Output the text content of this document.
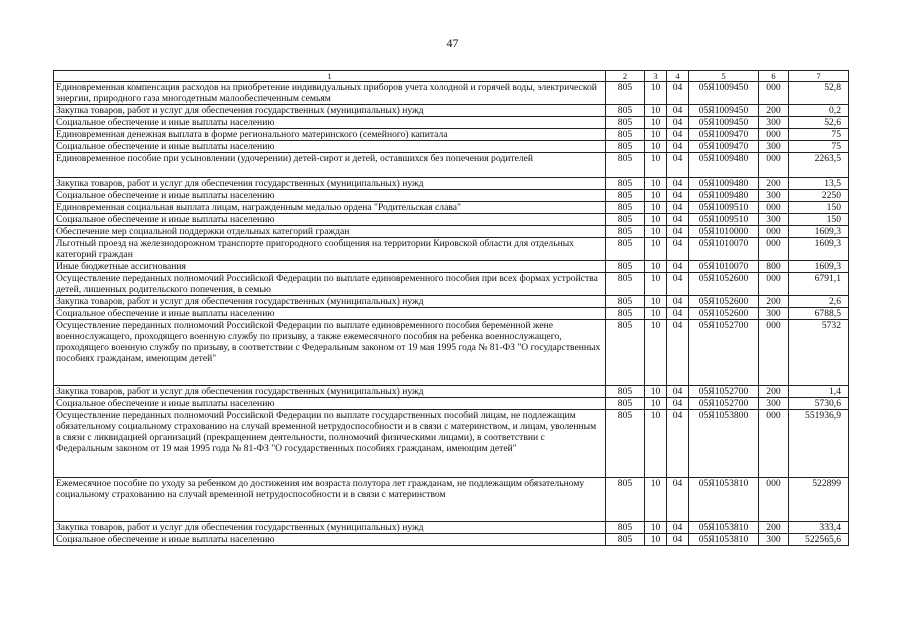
47
1	2	3	4	5	6	7
Единовременная компенсация расходов на приобретение индивидуальных приборов учета холодной и горячей воды, электрической энергии, природного газа многодетным малообеспеченным семьям	805	10	04	05Я1009450	000	52,8
Закупка товаров, работ и услуг для обеспечения государственных (муниципальных) нужд	805	10	04	05Я1009450	200	0,2
Социальное обеспечение и иные выплаты населению	805	10	04	05Я1009450	300	52,6
Единовременная денежная выплата в форме регионального материнского (семейного) капитала	805	10	04	05Я1009470	000	75
Социальное обеспечение и иные выплаты населению	805	10	04	05Я1009470	300	75
Единовременное пособие при усыновлении (удочерении) детей-сирот и детей, оставшихся без попечения родителей	805	10	04	05Я1009480	000	2263,5
Закупка товаров, работ и услуг для обеспечения государственных (муниципальных) нужд	805	10	04	05Я1009480	200	13,5
Социальное обеспечение и иные выплаты населению	805	10	04	05Я1009480	300	2250
Единовременная социальная выплата лицам, награжденным медалью ордена "Родительская слава"	805	10	04	05Я1009510	000	150
Социальное обеспечение и иные выплаты населению	805	10	04	05Я1009510	300	150
Обеспечение мер социальной поддержки отдельных категорий граждан	805	10	04	05Я1010000	000	1609,3
Льготный проезд на железнодорожном транспорте пригородного сообщения на территории Кировской области для отдельных категорий граждан	805	10	04	05Я1010070	000	1609,3
Иные бюджетные ассигнования	805	10	04	05Я1010070	800	1609,3
Осуществление переданных полномочий Российской Федерации по выплате единовременного пособия при всех формах устройства детей, лишенных родительского попечения, в семью	805	10	04	05Я1052600	000	6791,1
Закупка товаров, работ и услуг для обеспечения государственных (муниципальных) нужд	805	10	04	05Я1052600	200	2,6
Социальное обеспечение и иные выплаты населению	805	10	04	05Я1052600	300	6788,5
Осуществление переданных полномочий Российской Федерации по выплате единовременного пособия беременной жене военнослужащего, проходящего военную службу по призыву, а также ежемесячного пособия на ребенка военнослужащего, проходящего военную службу по призыву, в соответствии с Федеральным законом от 19 мая 1995 года № 81-ФЗ "О государственных пособиях гражданам, имеющим детей"	805	10	04	05Я1052700	000	5732
Закупка товаров, работ и услуг для обеспечения государственных (муниципальных) нужд	805	10	04	05Я1052700	200	1,4
Социальное обеспечение и иные выплаты населению	805	10	04	05Я1052700	300	5730,6
Осуществление переданных полномочий Российской Федерации по выплате государственных пособий лицам, не подлежащим обязательному социальному страхованию на случай временной нетрудоспособности и в связи с материнством, и лицам, уволенным в связи с ликвидацией организаций (прекращением деятельности, полномочий физическими лицами), в соответствии с Федеральным законом от 19 мая 1995 года № 81-ФЗ "О государственных пособиях гражданам, имеющим детей"	805	10	04	05Я1053800	000	551936,9
Ежемесячное пособие по уходу за ребенком до достижения им возраста полутора лет гражданам, не подлежащим обязательному социальному страхованию на случай временной нетрудоспособности и в связи с материнством	805	10	04	05Я1053810	000	522899
Закупка товаров, работ и услуг для обеспечения государственных (муниципальных) нужд	805	10	04	05Я1053810	200	333,4
Социальное обеспечение и иные выплаты населению	805	10	04	05Я1053810	300	522565,6
